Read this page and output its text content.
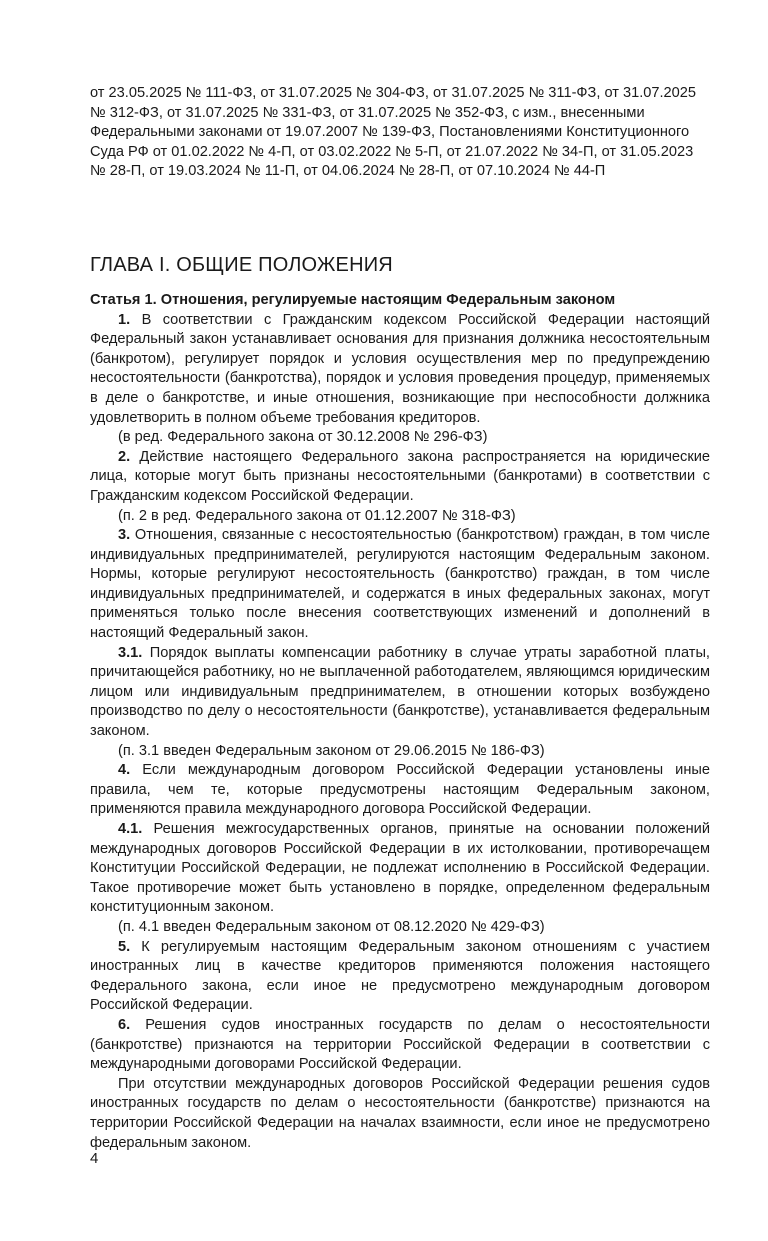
от 23.05.2025 № 111-ФЗ, от 31.07.2025 № 304-ФЗ, от 31.07.2025 № 311-ФЗ, от 31.07.2025 № 312-ФЗ, от 31.07.2025 № 331-ФЗ, от 31.07.2025 № 352-ФЗ, с изм., внесенными Федеральными законами от 19.07.2007 № 139-ФЗ, Постановлениями Конституционного Суда РФ от 01.02.2022 № 4-П, от 03.02.2022 № 5-П, от 21.07.2022 № 34-П, от 31.05.2023 № 28-П, от 19.03.2024 № 11-П, от 04.06.2024 № 28-П, от 07.10.2024 № 44-П

ГЛАВА I. ОБЩИЕ ПОЛОЖЕНИЯ
Статья 1. Отношения, регулируемые настоящим Федеральным законом

1. В соответствии с Гражданским кодексом Российской Федерации настоящий Федеральный закон устанавливает основания для признания должника несостоятельным (банкротом), регулирует порядок и условия осуществления мер по предупреждению несостоятельности (банкротства), порядок и условия проведения процедур, применяемых в деле о банкротстве, и иные отношения, возникающие при неспособности должника удовлетворить в полном объеме требования кредиторов.

(в ред. Федерального закона от 30.12.2008 № 296-ФЗ)

2. Действие настоящего Федерального закона распространяется на юридические лица, которые могут быть признаны несостоятельными (банкротами) в соответствии с Гражданским кодексом Российской Федерации.

(п. 2 в ред. Федерального закона от 01.12.2007 № 318-ФЗ)

3. Отношения, связанные с несостоятельностью (банкротством) граждан, в том числе индивидуальных предпринимателей, регулируются настоящим Федеральным законом. Нормы, которые регулируют несостоятельность (банкротство) граждан, в том числе индивидуальных предпринимателей, и содержатся в иных федеральных законах, могут применяться только после внесения соответствующих изменений и дополнений в настоящий Федеральный закон.

3.1. Порядок выплаты компенсации работнику в случае утраты заработной платы, причитающейся работнику, но не выплаченной работодателем, являющимся юридическим лицом или индивидуальным предпринимателем, в отношении которых возбуждено производство по делу о несостоятельности (банкротстве), устанавливается федеральным законом.

(п. 3.1 введен Федеральным законом от 29.06.2015 № 186-ФЗ)

4. Если международным договором Российской Федерации установлены иные правила, чем те, которые предусмотрены настоящим Федеральным законом, применяются правила международного договора Российской Федерации.

4.1. Решения межгосударственных органов, принятые на основании положений международных договоров Российской Федерации в их истолковании, противоречащем Конституции Российской Федерации, не подлежат исполнению в Российской Федерации. Такое противоречие может быть установлено в порядке, определенном федеральным конституционным законом.

(п. 4.1 введен Федеральным законом от 08.12.2020 № 429-ФЗ)

5. К регулируемым настоящим Федеральным законом отношениям с участием иностранных лиц в качестве кредиторов применяются положения настоящего Федерального закона, если иное не предусмотрено международным договором Российской Федерации.

6. Решения судов иностранных государств по делам о несостоятельности (банкротстве) признаются на территории Российской Федерации в соответствии с международными договорами Российской Федерации.

При отсутствии международных договоров Российской Федерации решения судов иностранных государств по делам о несостоятельности (банкротстве) признаются на территории Российской Федерации на началах взаимности, если иное не предусмотрено федеральным законом.

4
